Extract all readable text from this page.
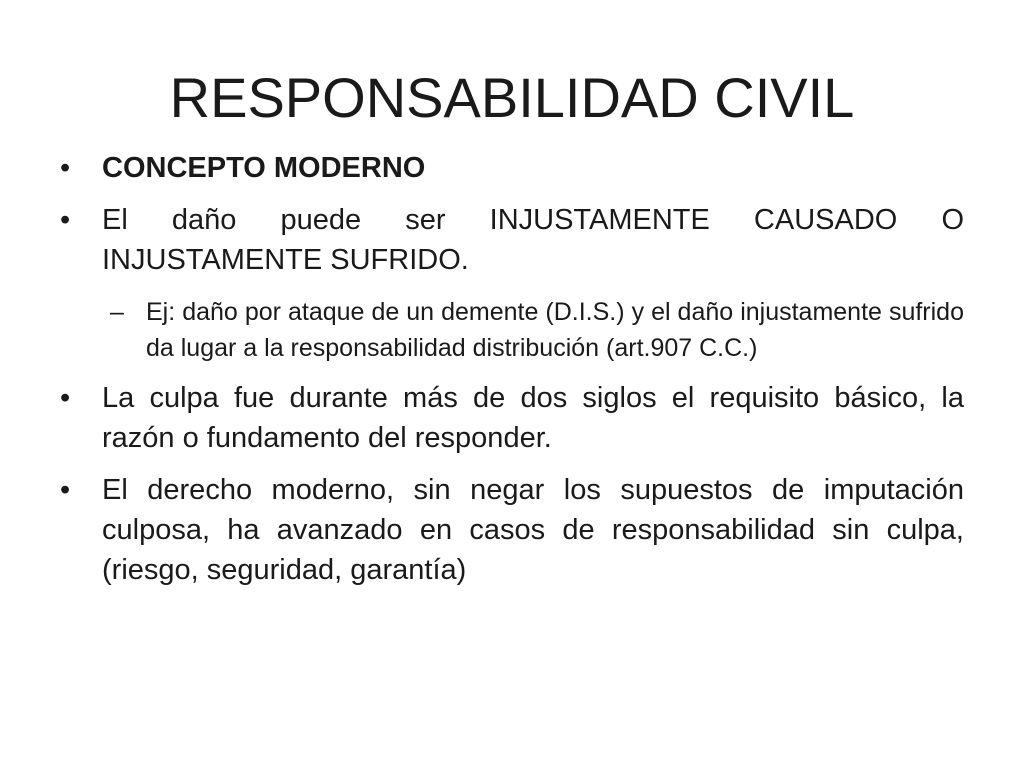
RESPONSABILIDAD CIVIL
•	CONCEPTO MODERNO
•	El daño puede ser INJUSTAMENTE CAUSADO O INJUSTAMENTE SUFRIDO.
– Ej: daño por ataque de un demente (D.I.S.) y el daño injustamente sufrido da lugar a la responsabilidad distribución (art.907 C.C.)
•	La culpa fue durante más de dos siglos el requisito básico, la razón o fundamento del responder.
•	El derecho moderno, sin negar los supuestos de imputación culposa, ha avanzado en casos de responsabilidad sin culpa, (riesgo, seguridad, garantía)
